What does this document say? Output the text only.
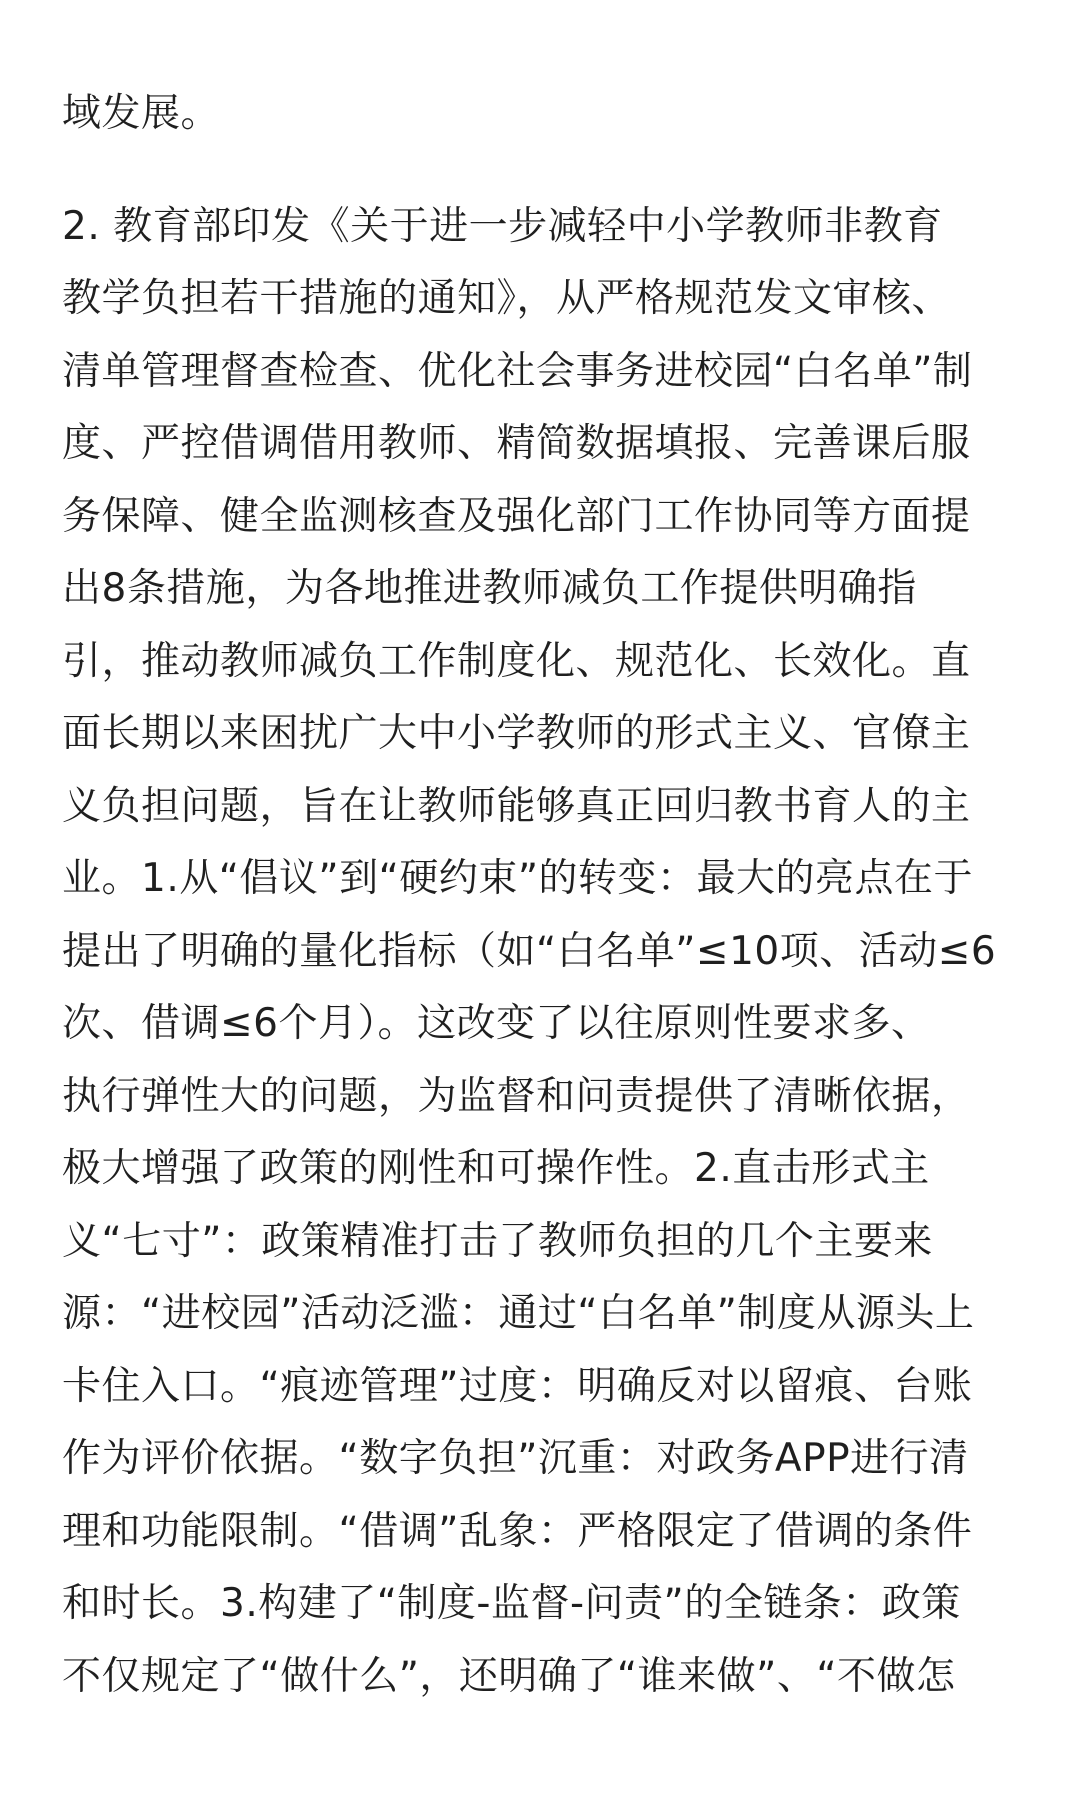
域发展。
2. 教育部印发《关于进一步减轻中小学教师非教育
教学负担若干措施的通知》，从严格规范发文审核、
清单管理督查检查、优化社会事务进校园“白名单”制
度、严控借调借用教师、精简数据填报、完善课后服
务保障、健全监测核查及强化部门工作协同等方面提
出8条措施，为各地推进教师减负工作提供明确指
引，推动教师减负工作制度化、规范化、长效化。直
面长期以来困扰广大中小学教师的形式主义、官僚主
义负担问题，旨在让教师能够真正回归教书育人的主
业。1.从“倡议”到“硬约束”的转变：最大的亮点在于
提出了明确的量化指标（如“白名单”≤10项、活动≤6
次、借调≤6个月）。这改变了以往原则性要求多、
执行弹性大的问题，为监督和问责提供了清晰依据，
极大增强了政策的刚性和可操作性。2.直击形式主
义“七寸”：政策精准打击了教师负担的几个主要来
源：“进校园”活动泛滥：通过“白名单”制度从源头上
卡住入口。“痕迹管理”过度：明确反对以留痕、台账
作为评价依据。“数字负担”沉重：对政务APP进行清
理和功能限制。“借调”乱象：严格限定了借调的条件
和时长。3.构建了“制度-监督-问责”的全链条：政策
不仅规定了“做什么”，还明确了“谁来做”、“不做怎
